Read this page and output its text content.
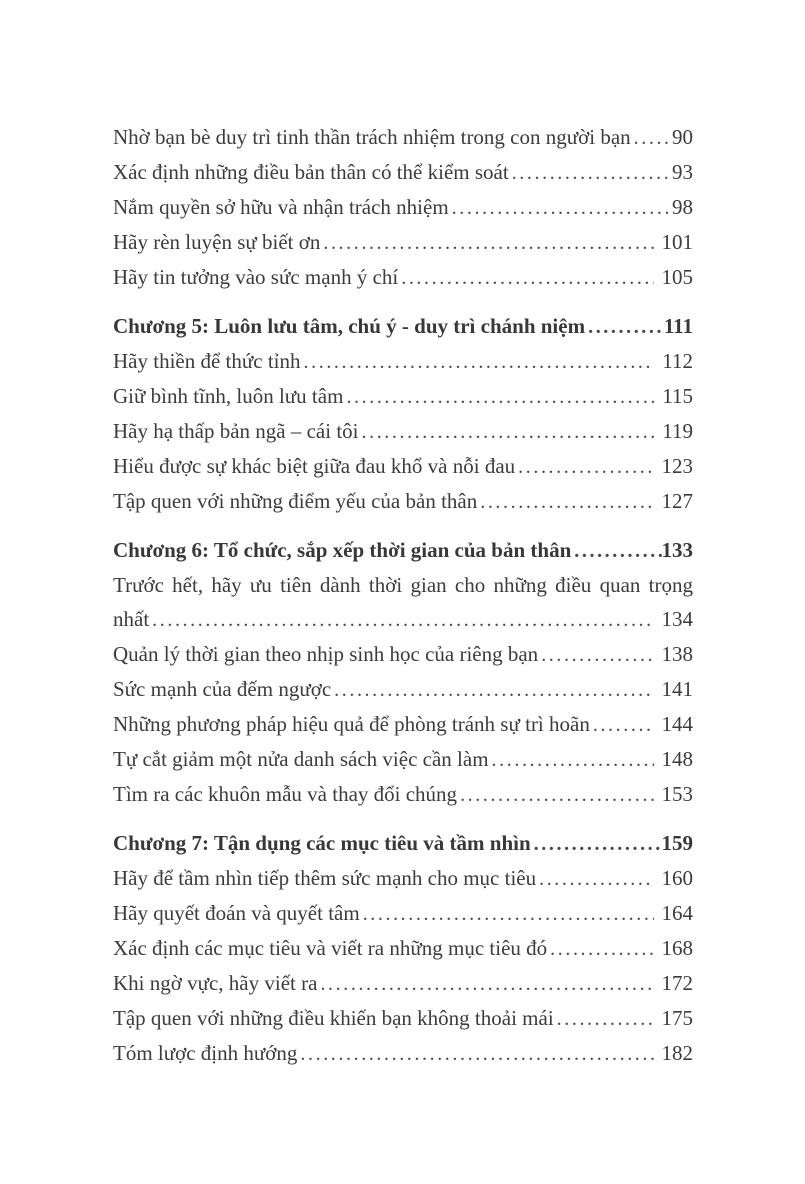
Nhờ bạn bè duy trì tinh thần trách nhiệm trong con người bạn ..... 90
Xác định những điều bản thân có thể kiểm soát .....	93
Nắm quyền sở hữu và nhận trách nhiệm .....	98
Hãy rèn luyện sự biết ơn .....	101
Hãy tin tưởng vào sức mạnh ý chí .....	105
Chương 5: Luôn lưu tâm, chú ý - duy trì chánh niệm .....	111
Hãy thiền để thức tỉnh .....	112
Giữ bình tĩnh, luôn lưu tâm .....	115
Hãy hạ thấp bản ngã – cái tôi .....	119
Hiểu được sự khác biệt giữa đau khổ và nỗi đau .....	123
Tập quen với những điểm yếu của bản thân .....	127
Chương 6: Tổ chức, sắp xếp thời gian của bản thân .....	133
Trước hết, hãy ưu tiên dành thời gian cho những điều quan trọng
nhất .....	134
Quản lý thời gian theo nhịp sinh học của riêng bạn .....	138
Sức mạnh của đếm ngược .....	141
Những phương pháp hiệu quả để phòng tránh sự trì hoãn .....	144
Tự cắt giảm một nửa danh sách việc cần làm .....	148
Tìm ra các khuôn mẫu và thay đổi chúng .....	153
Chương 7: Tận dụng các mục tiêu và tầm nhìn .....	159
Hãy để tầm nhìn tiếp thêm sức mạnh cho mục tiêu .....	160
Hãy quyết đoán và quyết tâm .....	164
Xác định các mục tiêu và viết ra những mục tiêu đó .....	168
Khi ngờ vực, hãy viết ra .....	172
Tập quen với những điều khiến bạn không thoải mái .....	175
Tóm lược định hướng .....	182
